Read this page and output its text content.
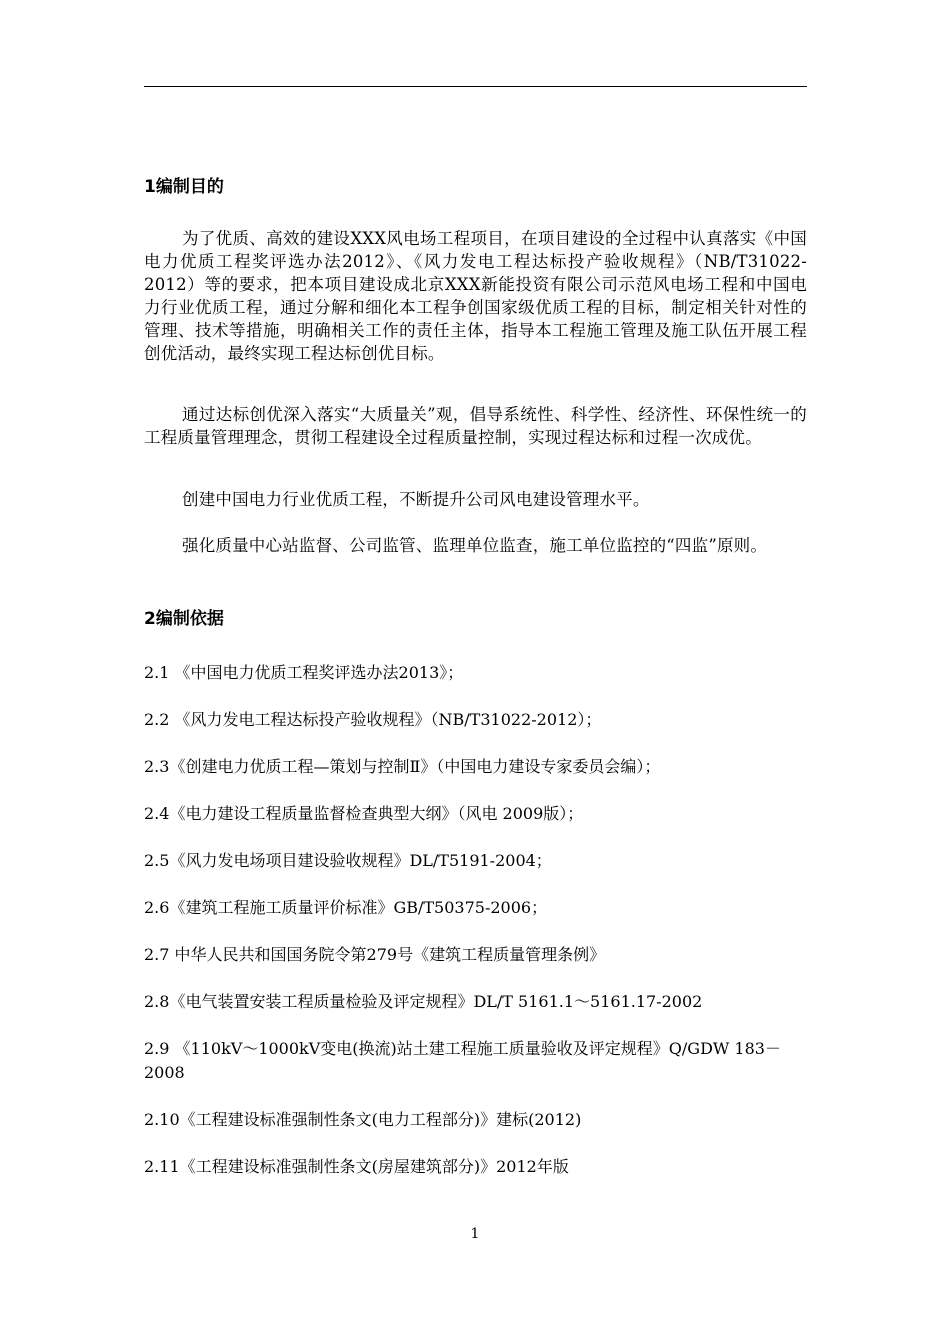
1编制目的
为了优质、高效的建设XXX风电场工程项目，在项目建设的全过程中认真落实《中国电力优质工程奖评选办法2012》、《风力发电工程达标投产验收规程》（NB/T31022-2012）等的要求，把本项目建设成北京XXX新能投资有限公司示范风电场工程和中国电力行业优质工程，通过分解和细化本工程争创国家级优质工程的目标，制定相关针对性的管理、技术等措施，明确相关工作的责任主体，指导本工程施工管理及施工队伍开展工程创优活动，最终实现工程达标创优目标。
通过达标创优深入落实“大质量关”观，倡导系统性、科学性、经济性、环保性统一的工程质量管理理念，贯彻工程建设全过程质量控制，实现过程达标和过程一次成优。
创建中国电力行业优质工程，不断提升公司风电建设管理水平。
强化质量中心站监督、公司监管、监理单位监查，施工单位监控的“四监”原则。
2编制依据
2.1 《中国电力优质工程奖评选办法2013》；
2.2 《风力发电工程达标投产验收规程》（NB/T31022-2012）；
2.3《创建电力优质工程—策划与控制Ⅱ》（中国电力建设专家委员会编）；
2.4《电力建设工程质量监督检查典型大纲》（风电 2009版）；
2.5《风力发电场项目建设验收规程》DL/T5191-2004；
2.6《建筑工程施工质量评价标准》GB/T50375-2006；
2.7 中华人民共和国国务院令第279号《建筑工程质量管理条例》
2.8《电气装置安装工程质量检验及评定规程》DL/T 5161.1～5161.17-2002
2.9 《110kV～1000kV变电(换流)站土建工程施工质量验收及评定规程》Q/GDW 183－2008
2.10《工程建设标准强制性条文(电力工程部分)》建标(2012)
2.11《工程建设标准强制性条文(房屋建筑部分)》2012年版
1
